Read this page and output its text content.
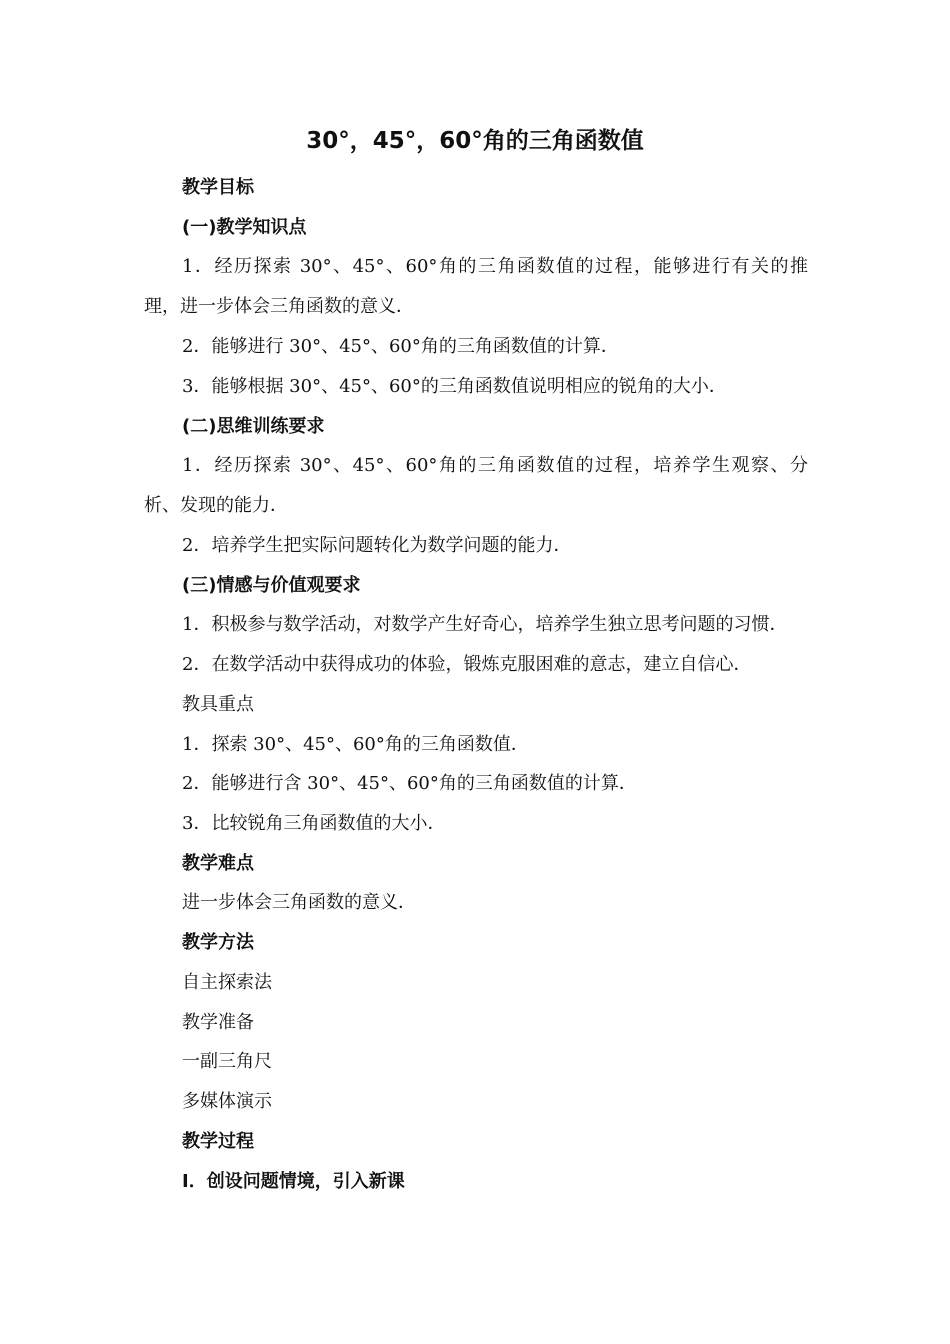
30°，45°，60°角的三角函数值
教学目标
(一)教学知识点
1．经历探索 30°、45°、60°角的三角函数值的过程，能够进行有关的推
理，进一步体会三角函数的意义．
2．能够进行 30°、45°、60°角的三角函数值的计算．
3．能够根据 30°、45°、60°的三角函数值说明相应的锐角的大小．
(二)思维训练要求
1．经历探索 30°、45°、60°角的三角函数值的过程，培养学生观察、分
析、发现的能力．
2．培养学生把实际问题转化为数学问题的能力．
(三)情感与价值观要求
1．积极参与数学活动，对数学产生好奇心，培养学生独立思考问题的习惯．
2．在数学活动中获得成功的体验，锻炼克服困难的意志，建立自信心．
教具重点
1．探索 30°、45°、60°角的三角函数值．
2．能够进行含 30°、45°、60°角的三角函数值的计算．
3．比较锐角三角函数值的大小．
教学难点
进一步体会三角函数的意义．
教学方法
自主探索法
教学准备
一副三角尺
多媒体演示
教学过程
Ⅰ．创设问题情境，引入新课
